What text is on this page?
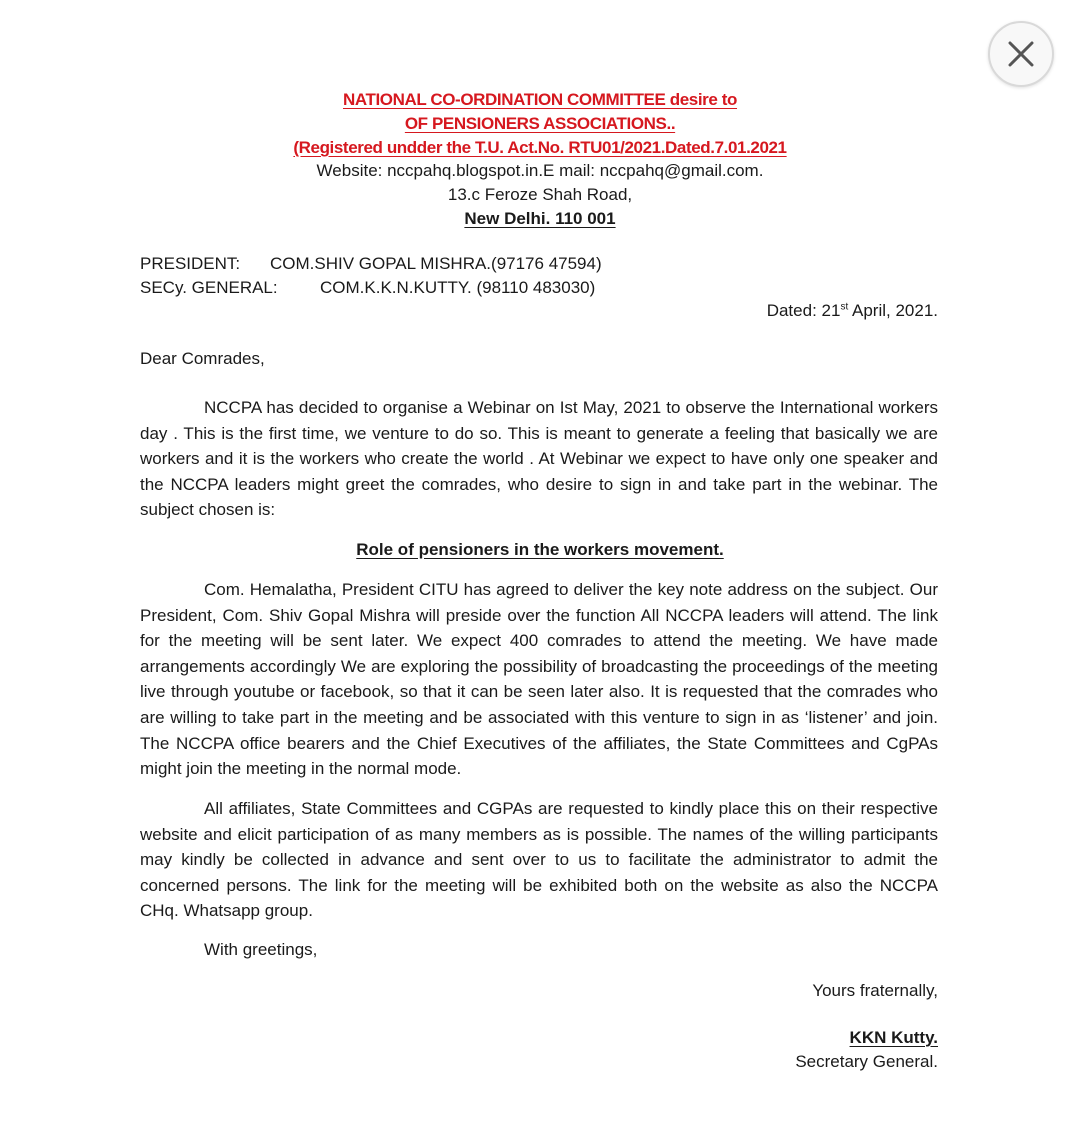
NATIONAL CO-ORDINATION COMMITTEE desire to
OF PENSIONERS ASSOCIATIONS..
(Registered undder the T.U. Act.No. RTU01/2021.Dated.7.01.2021
Website: nccpahq.blogspot.in.E mail: nccpahq@gmail.com.
13.c Feroze Shah Road,
New Delhi. 110 001
PRESIDENT: COM.SHIV GOPAL MISHRA.(97176 47594)
SECy. GENERAL: COM.K.K.N.KUTTY. (98110 483030)
Dated: 21st April, 2021.
Dear Comrades,

NCCPA has decided to organise a Webinar on Ist May, 2021 to observe the International workers day . This is the first time, we venture to do so. This is meant to generate a feeling that basically we are workers and it is the workers who create the world . At Webinar we expect to have only one speaker and the NCCPA leaders might greet the comrades, who desire to sign in and take part in the webinar. The subject chosen is:

Role of pensioners in the workers movement.

Com. Hemalatha, President CITU has agreed to deliver the key note address on the subject. Our President, Com. Shiv Gopal Mishra will preside over the function All NCCPA leaders will attend. The link for the meeting will be sent later. We expect 400 comrades to attend the meeting. We have made arrangements accordingly We are exploring the possibility of broadcasting the proceedings of the meeting live through youtube or facebook, so that it can be seen later also. It is requested that the comrades who are willing to take part in the meeting and be associated with this venture to sign in as ‘listener’ and join. The NCCPA office bearers and the Chief Executives of the affiliates, the State Committees and CgPAs might join the meeting in the normal mode.

All affiliates, State Committees and CGPAs are requested to kindly place this on their respective website and elicit participation of as many members as is possible. The names of the willing participants may kindly be collected in advance and sent over to us to facilitate the administrator to admit the concerned persons. The link for the meeting will be exhibited both on the website as also the NCCPA CHq. Whatsapp group.

With greetings,
Yours fraternally,
KKN Kutty.
Secretary General.
